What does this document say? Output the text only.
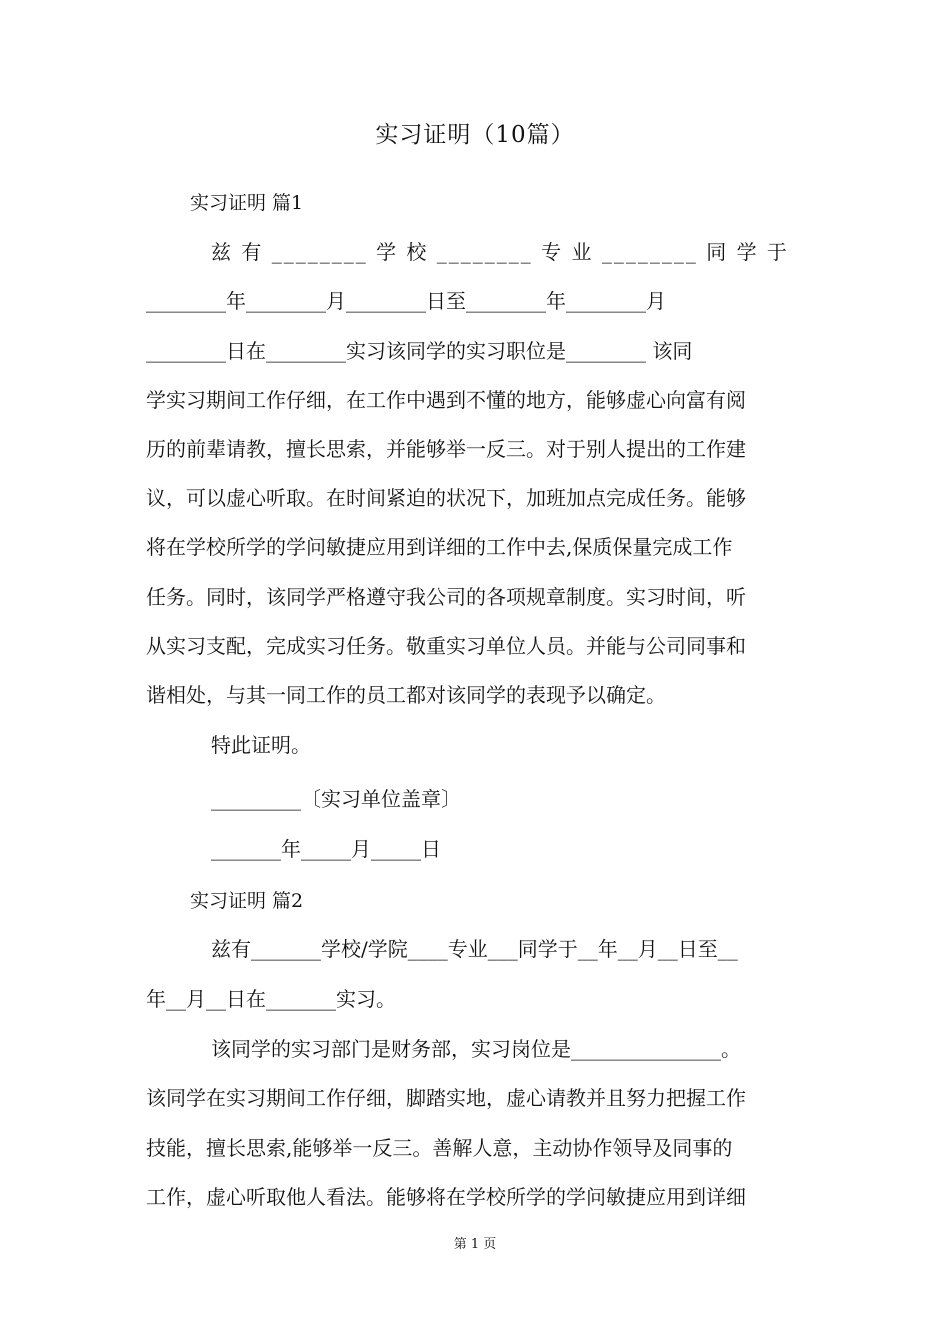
实习证明（10篇）
实习证明 篇1
兹 有 ________ 学 校 ________ 专 业 ________ 同 学 于
________年________月________日至________年________月
________日在________实习该同学的实习职位是________ 该同
学实习期间工作仔细，在工作中遇到不懂的地方，能够虚心向富有阅
历的前辈请教，擅长思索，并能够举一反三。对于别人提出的工作建
议，可以虚心听取。在时间紧迫的状况下，加班加点完成任务。能够
将在学校所学的学问敏捷应用到详细的工作中去,保质保量完成工作
任务。同时，该同学严格遵守我公司的各项规章制度。实习时间，听
从实习支配，完成实习任务。敬重实习单位人员。并能与公司同事和
谐相处，与其一同工作的员工都对该同学的表现予以确定。
特此证明。
_________〔实习单位盖章〕
_______年_____月_____日
实习证明 篇2
兹有_______学校/学院____专业___同学于__年__月__日至__
年__月__日在_______实习。
该同学的实习部门是财务部，实习岗位是_______________。
该同学在实习期间工作仔细，脚踏实地，虚心请教并且努力把握工作
技能，擅长思索,能够举一反三。善解人意，主动协作领导及同事的
工作，虚心听取他人看法。能够将在学校所学的学问敏捷应用到详细
第 1 页
